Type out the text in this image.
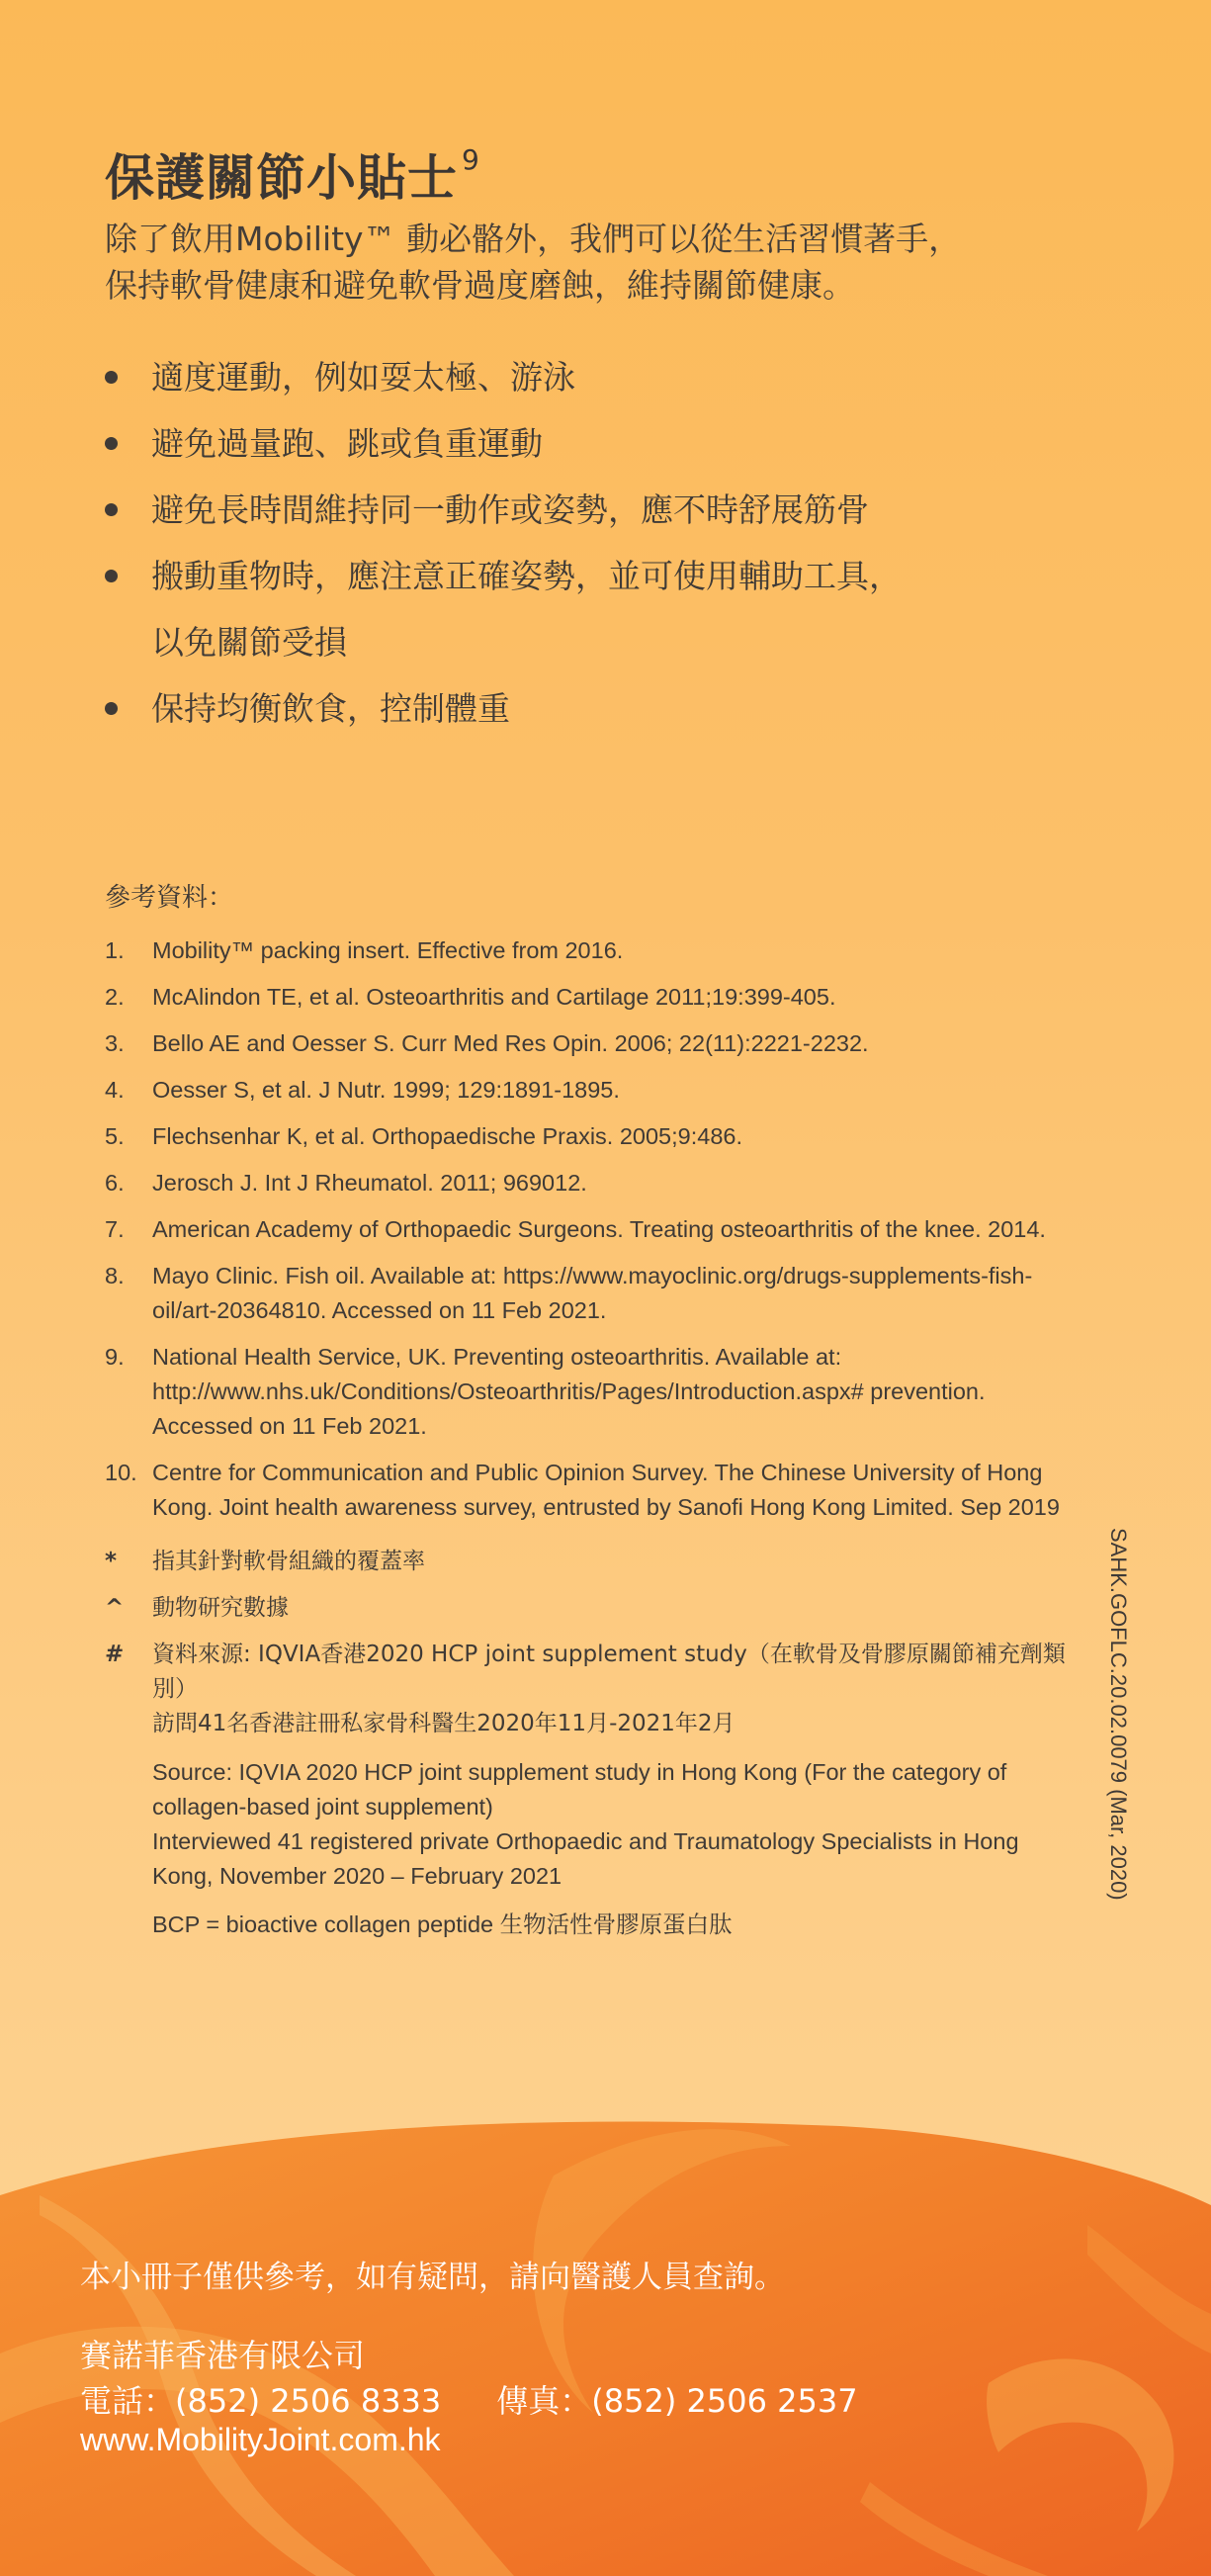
保護關節小貼士 $^9$

除了飲用Mobility™ 動必骼外，我們可以從生活習慣著手，

保持軟骨健康和避免軟骨過度磨蝕，維持關節健康。

適度運動，例如耍太極、游泳
避免過量跑、跳或負重運動
避免長時間維持同一動作或姿勢，應不時舒展筋骨
搬動重物時，應注意正確姿勢，並可使用輔助工具，
以免關節受損
保持均衡飲食，控制體重
參考資料：
1. Mobility™ packing insert. Effective from 2016.
2. McAlindon TE, et al. Osteoarthritis and Cartilage 2011;19:399-405.
3. Bello AE and Oesser S. Curr Med Res Opin. 2006; 22(11):2221-2232.
4. Oesser S, et al. J Nutr. 1999; 129:1891-1895.
5. Flechsenhar K, et al. Orthopaedische Praxis. 2005;9:486.
6. Jerosch J. Int J Rheumatol. 2011; 969012.
7. American Academy of Orthopaedic Surgeons. Treating osteoarthritis of the knee. 2014.
8. Mayo Clinic. Fish oil. Available at: https://www.mayoclinic.org/drugs-supplements-fish-oil/art-20364810. Accessed on 11 Feb 2021.
9. National Health Service, UK. Preventing osteoarthritis. Available at: http://www.nhs.uk/Conditions/Osteoarthritis/Pages/Introduction.aspx# prevention. Accessed on 11 Feb 2021.
10. Centre for Communication and Public Opinion Survey. The Chinese University of Hong Kong. Joint health awareness survey, entrusted by Sanofi Hong Kong Limited. Sep 2019
* 指其針對軟骨組織的覆蓋率

^ 動物研究數據

# 資料來源: IQVIA香港2020 HCP joint supplement study（在軟骨及骨膠原關節補充劑類別）

訪問41名香港註冊私家骨科醫生2020年11月-2021年2月

Source: IQVIA 2020 HCP joint supplement study in Hong Kong (For the category of collagen-based joint supplement)

Interviewed 41 registered private Orthopaedic and Traumatology Specialists in Hong Kong, November 2020 – February 2021

BCP = bioactive collagen peptide 生物活性骨膠原蛋白肽

SAHK.GOFLC.20.02.0079 (Mar, 2020)
本小冊子僅供參考，如有疑問，請向醫護人員查詢。
賽諾菲香港有限公司
電話：(852) 2506 8333 傳真：(852) 2506 2537
www.MobilityJoint.com.hk
